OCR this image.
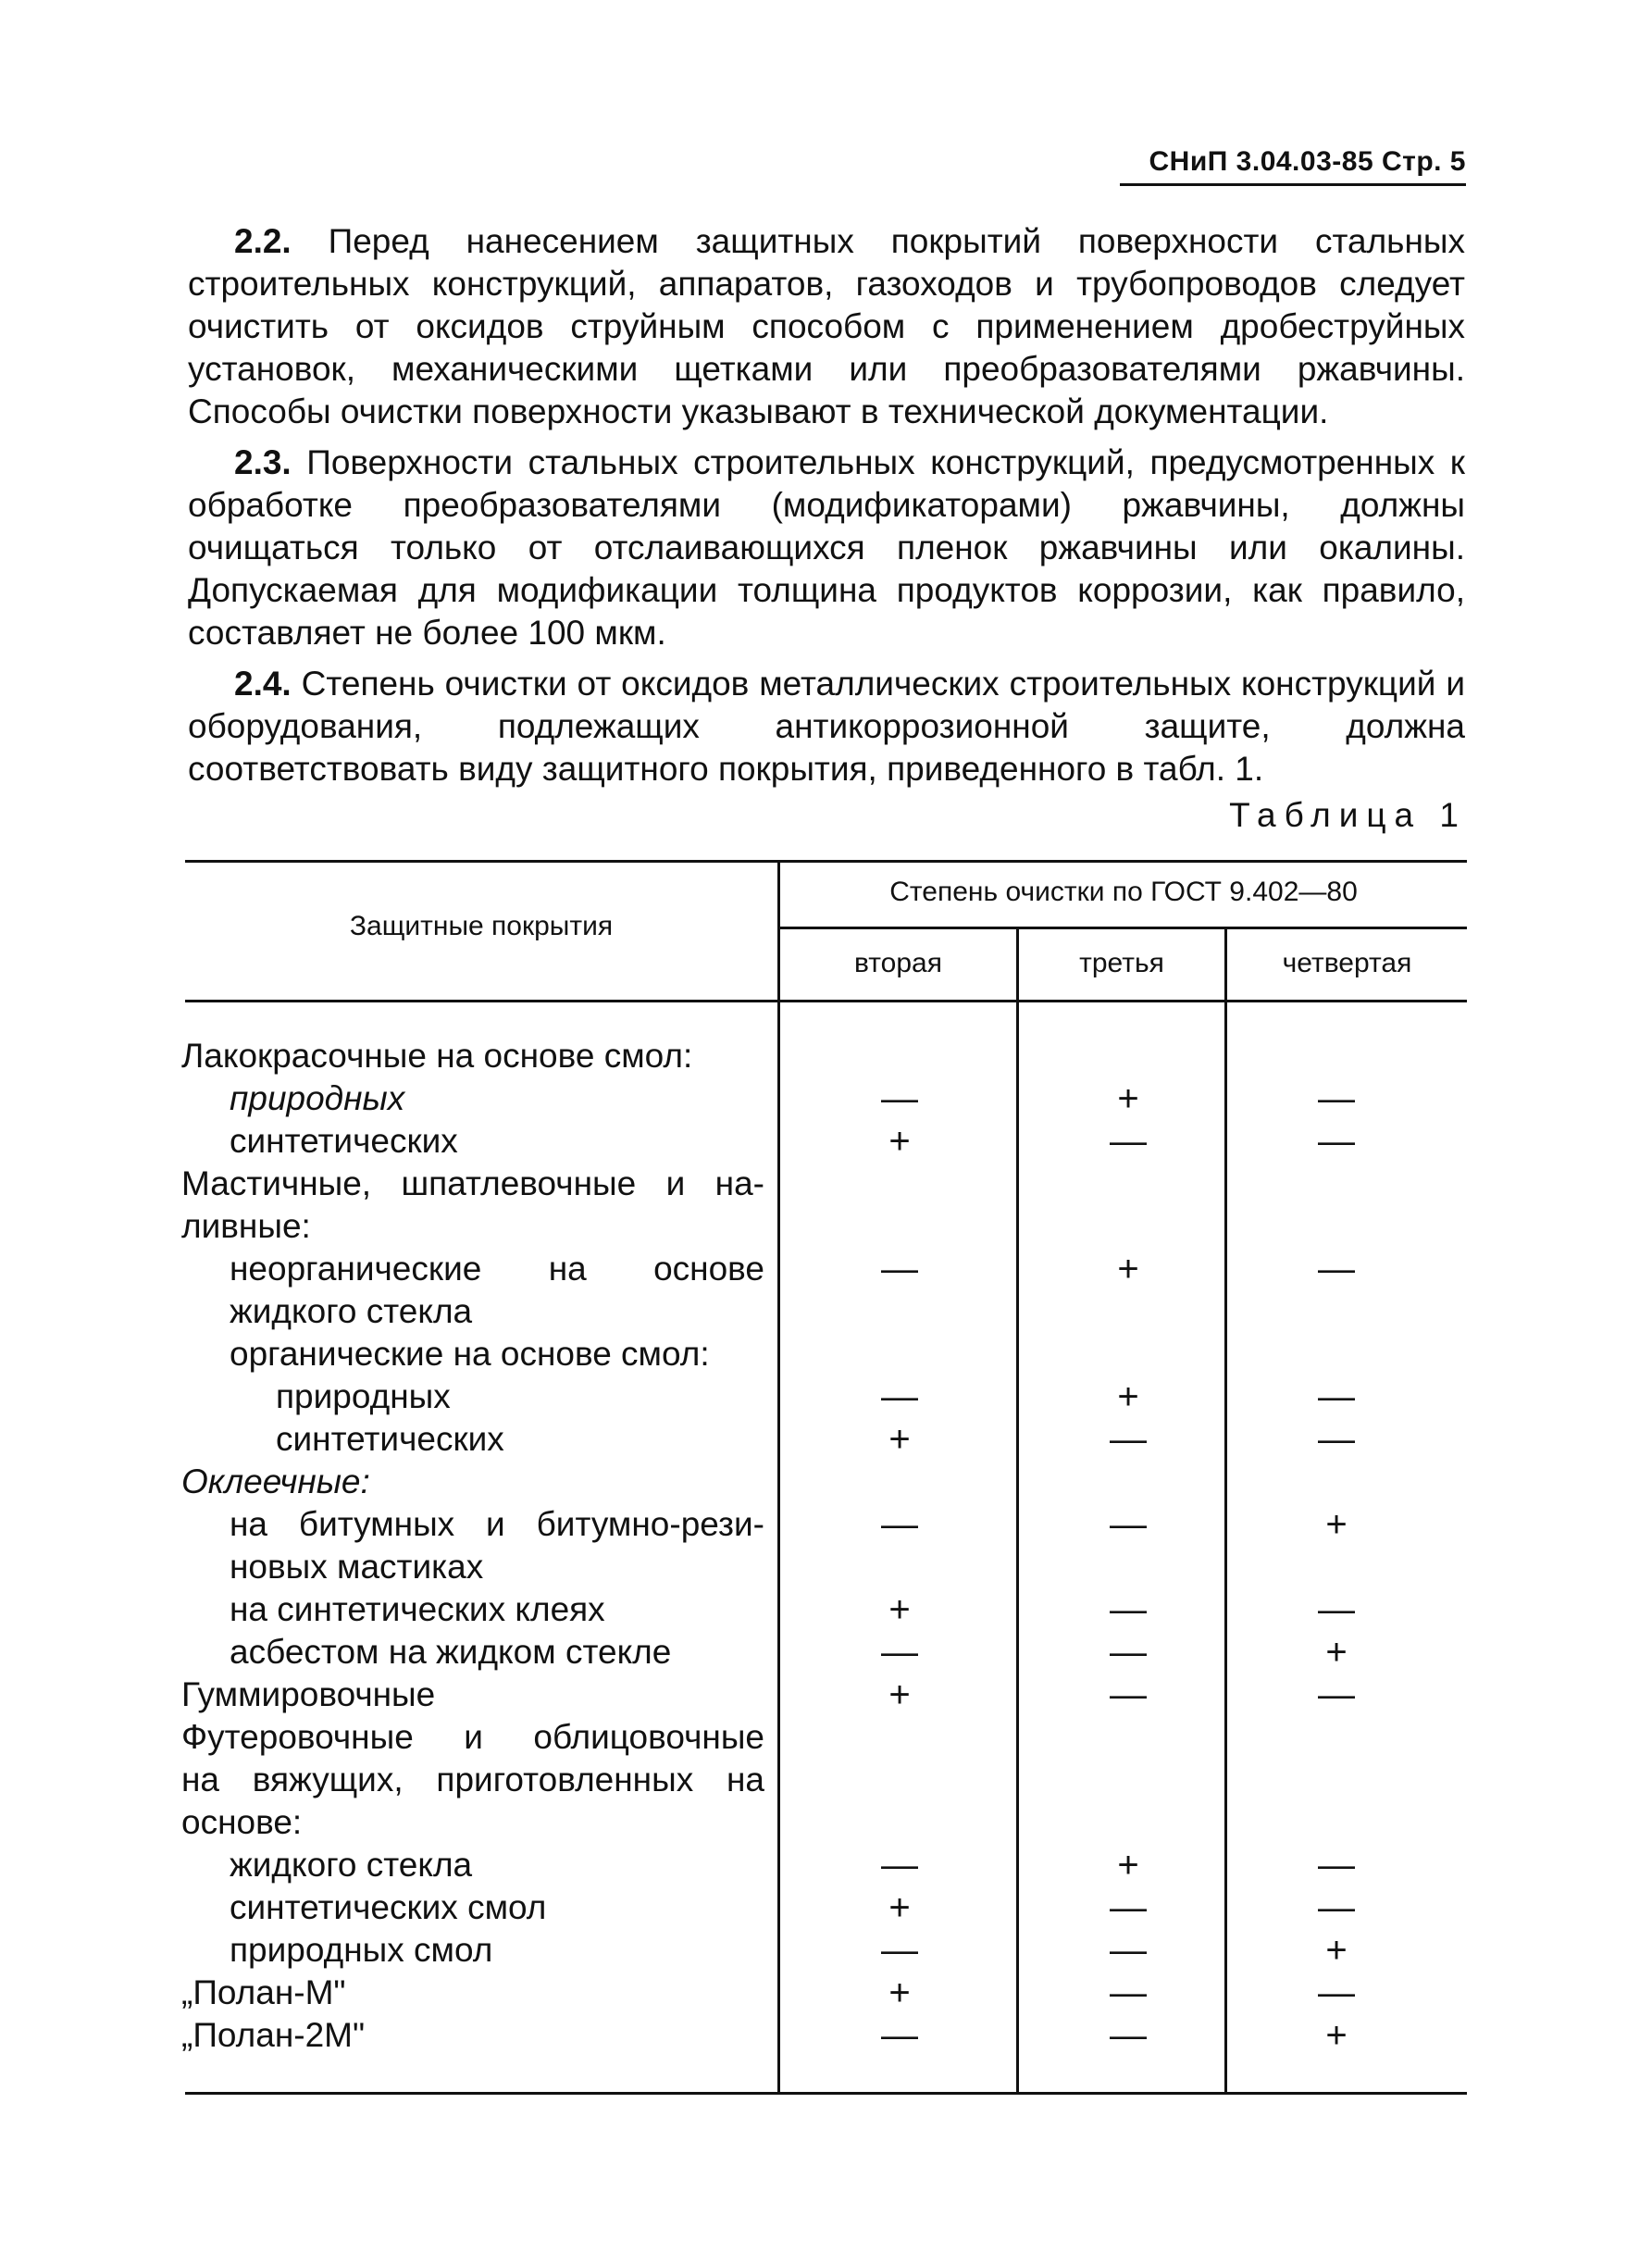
СНиП 3.04.03-85 Стр. 5

2.2. Перед нанесением защитных покрытий поверхности стальных строительных конструкций, аппаратов, газоходов и трубопроводов следует очистить от оксидов струйным способом с применением дробеструйных установок, механическими щетками или преобразователями ржавчины. Способы очистки поверхности указывают в технической документации.

2.3. Поверхности стальных строительных конструкций, предусмотренных к обработке преобразователями (модификаторами) ржавчины, должны очищаться только от отслаивающихся пленок ржавчины или окалины. Допускаемая для модификации толщина продуктов коррозии, как правило, составляет не более 100 мкм.

2.4. Степень очистки от оксидов металлических строительных конструкций и оборудования, подлежащих антикоррозионной защите, должна соответствовать виду защитного покрытия, приведенного в табл. 1.

Таблица 1
Защитные покрытия
Степень очистки по ГОСТ 9.402—80
вторая	третья	четвертая
Лакокрасочные на основе смол:
природных	—	+	—
синтетических	+	—	—
Мастичные, шпатлевочные и на-
ливные:
неорганические на основе	—	+	—
жидкого стекла
органические на основе смол:
природных	—	+	—
синтетических	+	—	—
Оклеечные:
на битумных и битумно-рези-	—	—	+
новых мастиках
на синтетических клеях	+	—	—
асбестом на жидком стекле	—	—	+
Гуммировочные	+	—	—
Футеровочные и облицовочные
на вяжущих, приготовленных на
основе:
жидкого стекла	—	+	—
синтетических смол	+	—	—
природных смол	—	—	+
„Полан-М"	+	—	—
„Полан-2М"	—	—	+
